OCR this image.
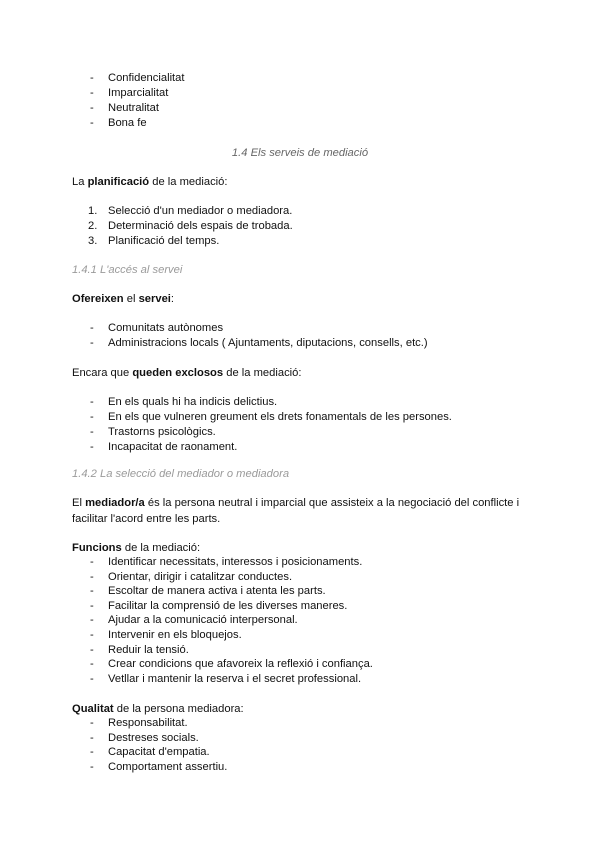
- Confidencialitat
- Imparcialitat
- Neutralitat
- Bona fe
1.4 Els serveis de mediació
La planificació de la mediació:
1. Selecció d'un mediador o mediadora.
2. Determinació dels espais de trobada.
3. Planificació del temps.
1.4.1 L'accés al servei
Ofereixen el servei:
- Comunitats autònomes
- Administracions locals ( Ajuntaments, diputacions, consells, etc.)
Encara que queden exclosos de la mediació:
- En els quals hi ha indicis delictius.
- En els que vulneren greument els drets fonamentals de les persones.
- Trastorns psicològics.
- Incapacitat de raonament.
1.4.2 La selecció del mediador o mediadora
El mediador/a és la persona neutral i imparcial que assisteix a la negociació del conflicte i
facilitar l'acord entre les parts.
Funcions de la mediació:
- Identificar necessitats, interessos i posicionaments.
- Orientar, dirigir i catalitzar conductes.
- Escoltar de manera activa i atenta les parts.
- Facilitar la comprensió de les diverses maneres.
- Ajudar a la comunicació interpersonal.
- Intervenir en els bloquejos.
- Reduir la tensió.
- Crear condicions que afavoreix la reflexió i confiança.
- Vetllar i mantenir la reserva i el secret professional.
Qualitat de la persona mediadora:
- Responsabilitat.
- Destreses socials.
- Capacitat d'empatia.
- Comportament assertiu.
